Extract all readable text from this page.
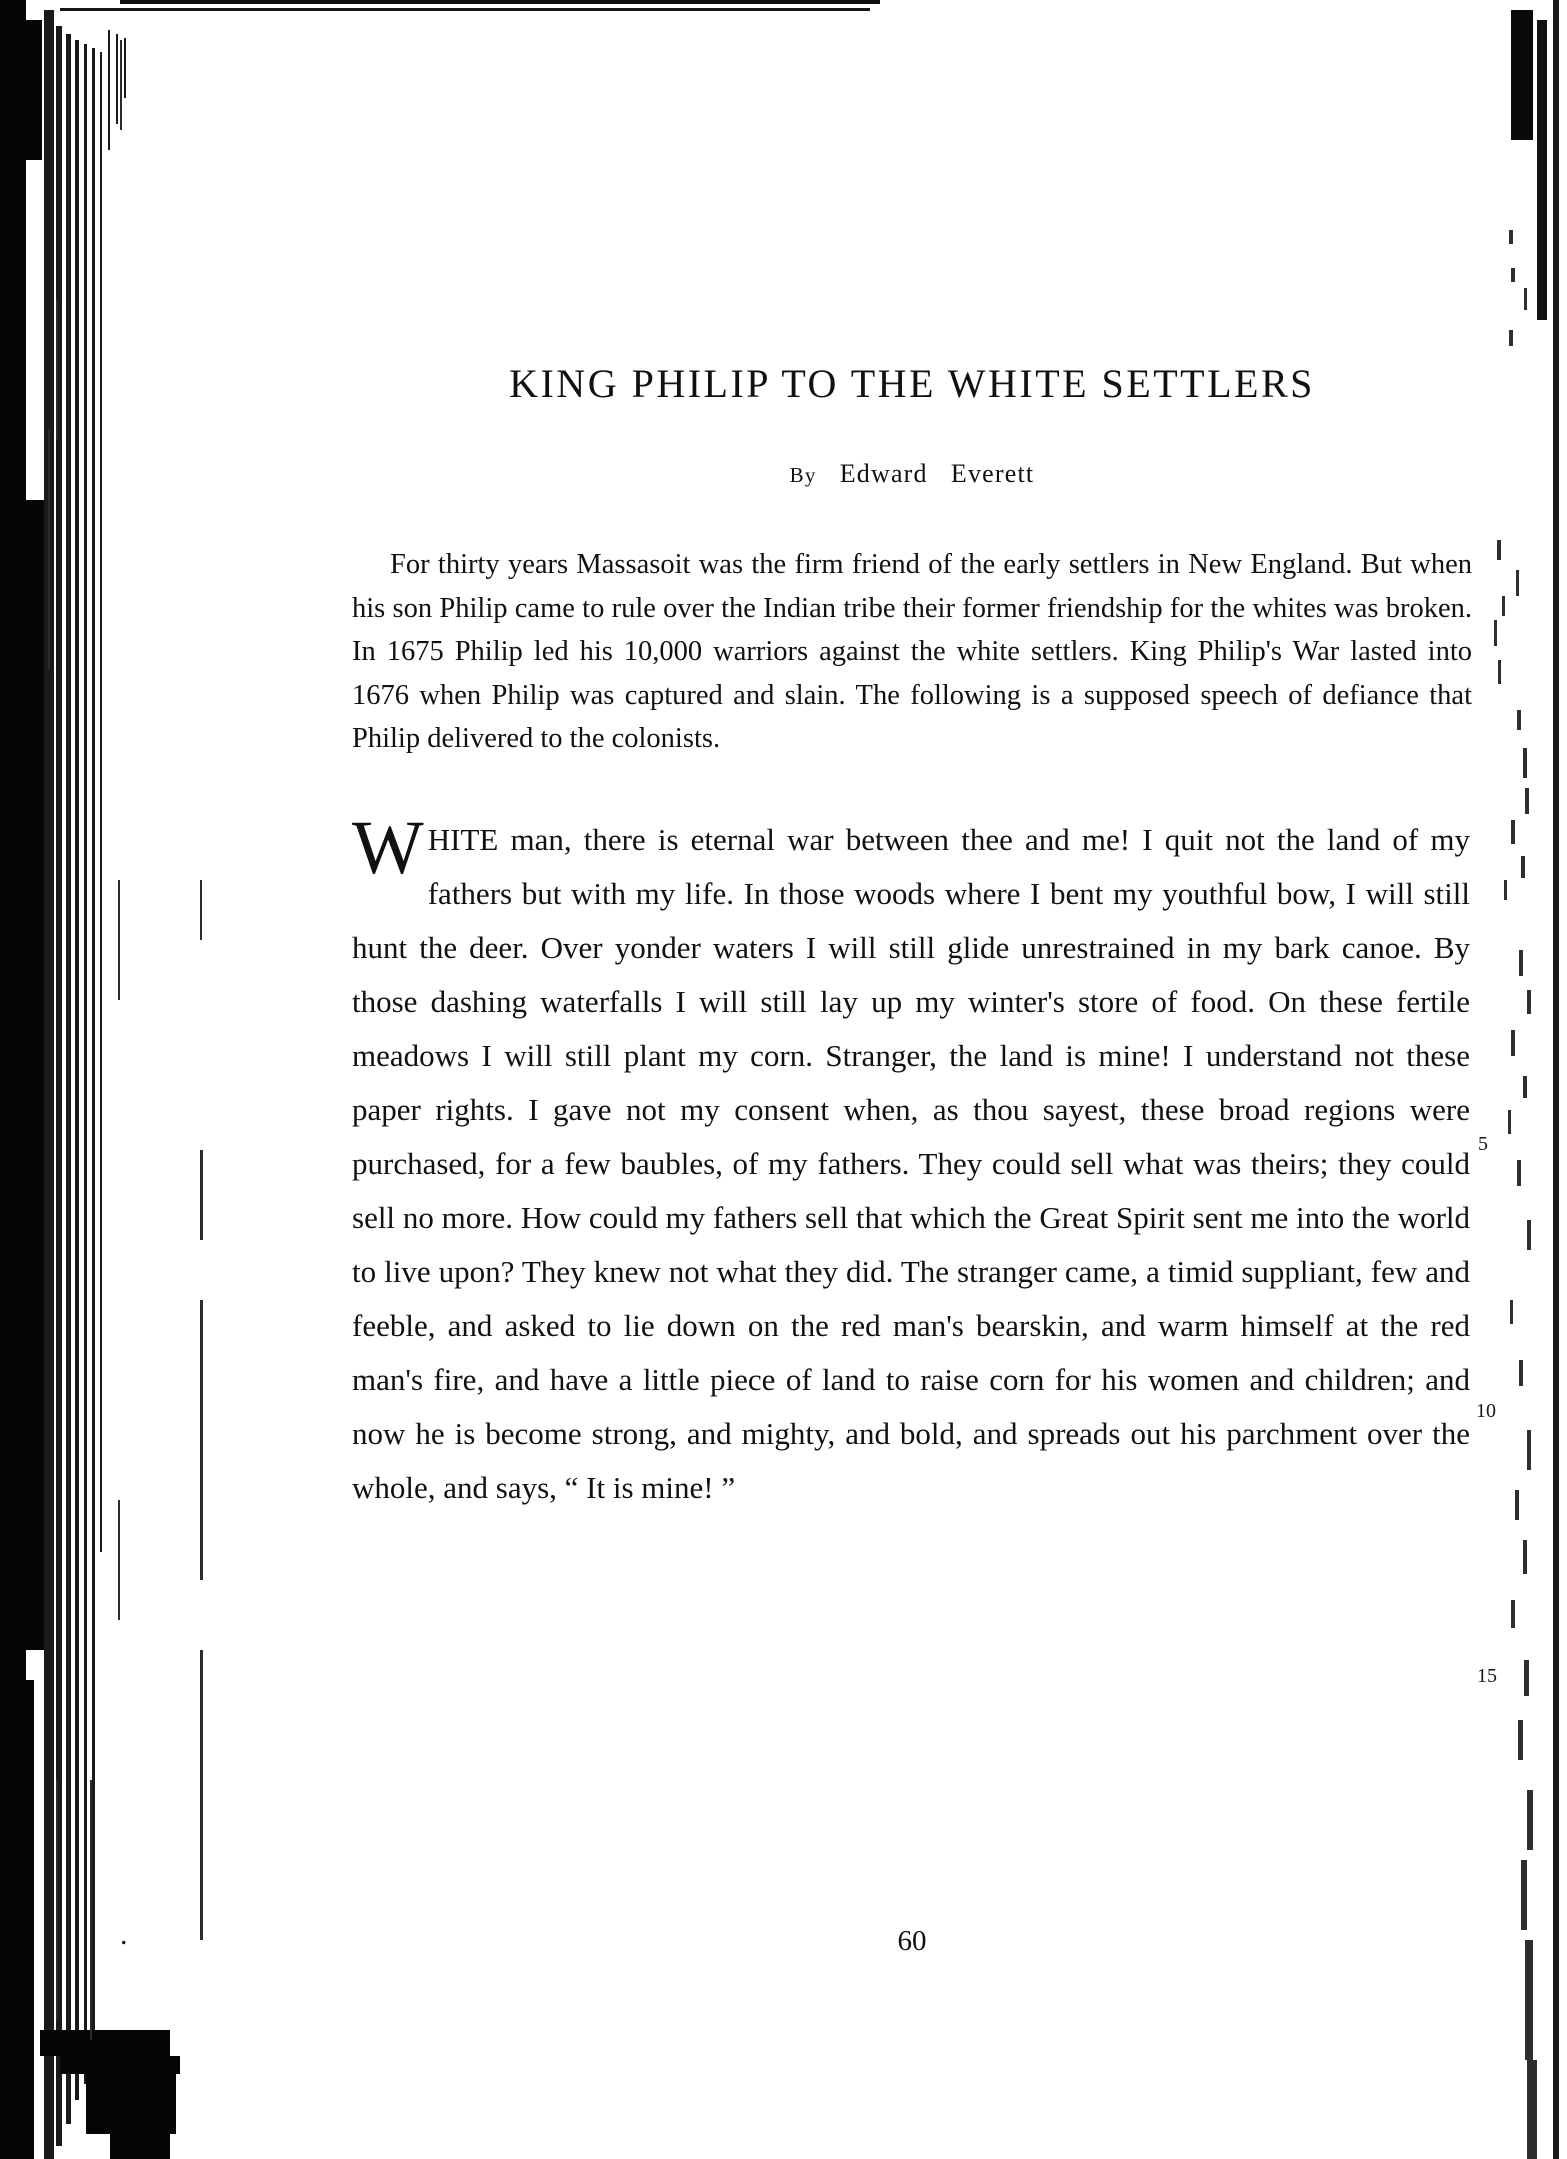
KING PHILIP TO THE WHITE SETTLERS
By Edward Everett

For thirty years Massasoit was the firm friend of the early settlers in New England. But when his son Philip came to rule over the Indian tribe their former friendship for the whites was broken. In 1675 Philip led his 10,000 warriors against the white settlers. King Philip's War lasted into 1676 when Philip was captured and slain. The following is a supposed speech of defiance that Philip delivered to the colonists.

WHITE man, there is eternal war between thee and me! I quit not the land of my fathers but with my life. In those woods where I bent my youthful bow, I will still hunt the deer. Over yonder waters I will still glide unrestrained in my bark canoe. By those dashing waterfalls I will still lay up my winter's store of food. On these fertile meadows I will still plant my corn. Stranger, the land is mine! I understand not these paper rights. I gave not my consent when, as thou sayest, these broad regions were purchased, for a few baubles, of my fathers. They could sell what was theirs; they could sell no more. How could my fathers sell that which the Great Spirit sent me into the world to live upon? They knew not what they did. The stranger came, a timid suppliant, few and feeble, and asked to lie down on the red man's bearskin, and warm himself at the red man's fire, and have a little piece of land to raise corn for his women and children; and now he is become strong, and mighty, and bold, and spreads out his parchment over the whole, and says, “ It is mine! ”
5
10
15
.	60
